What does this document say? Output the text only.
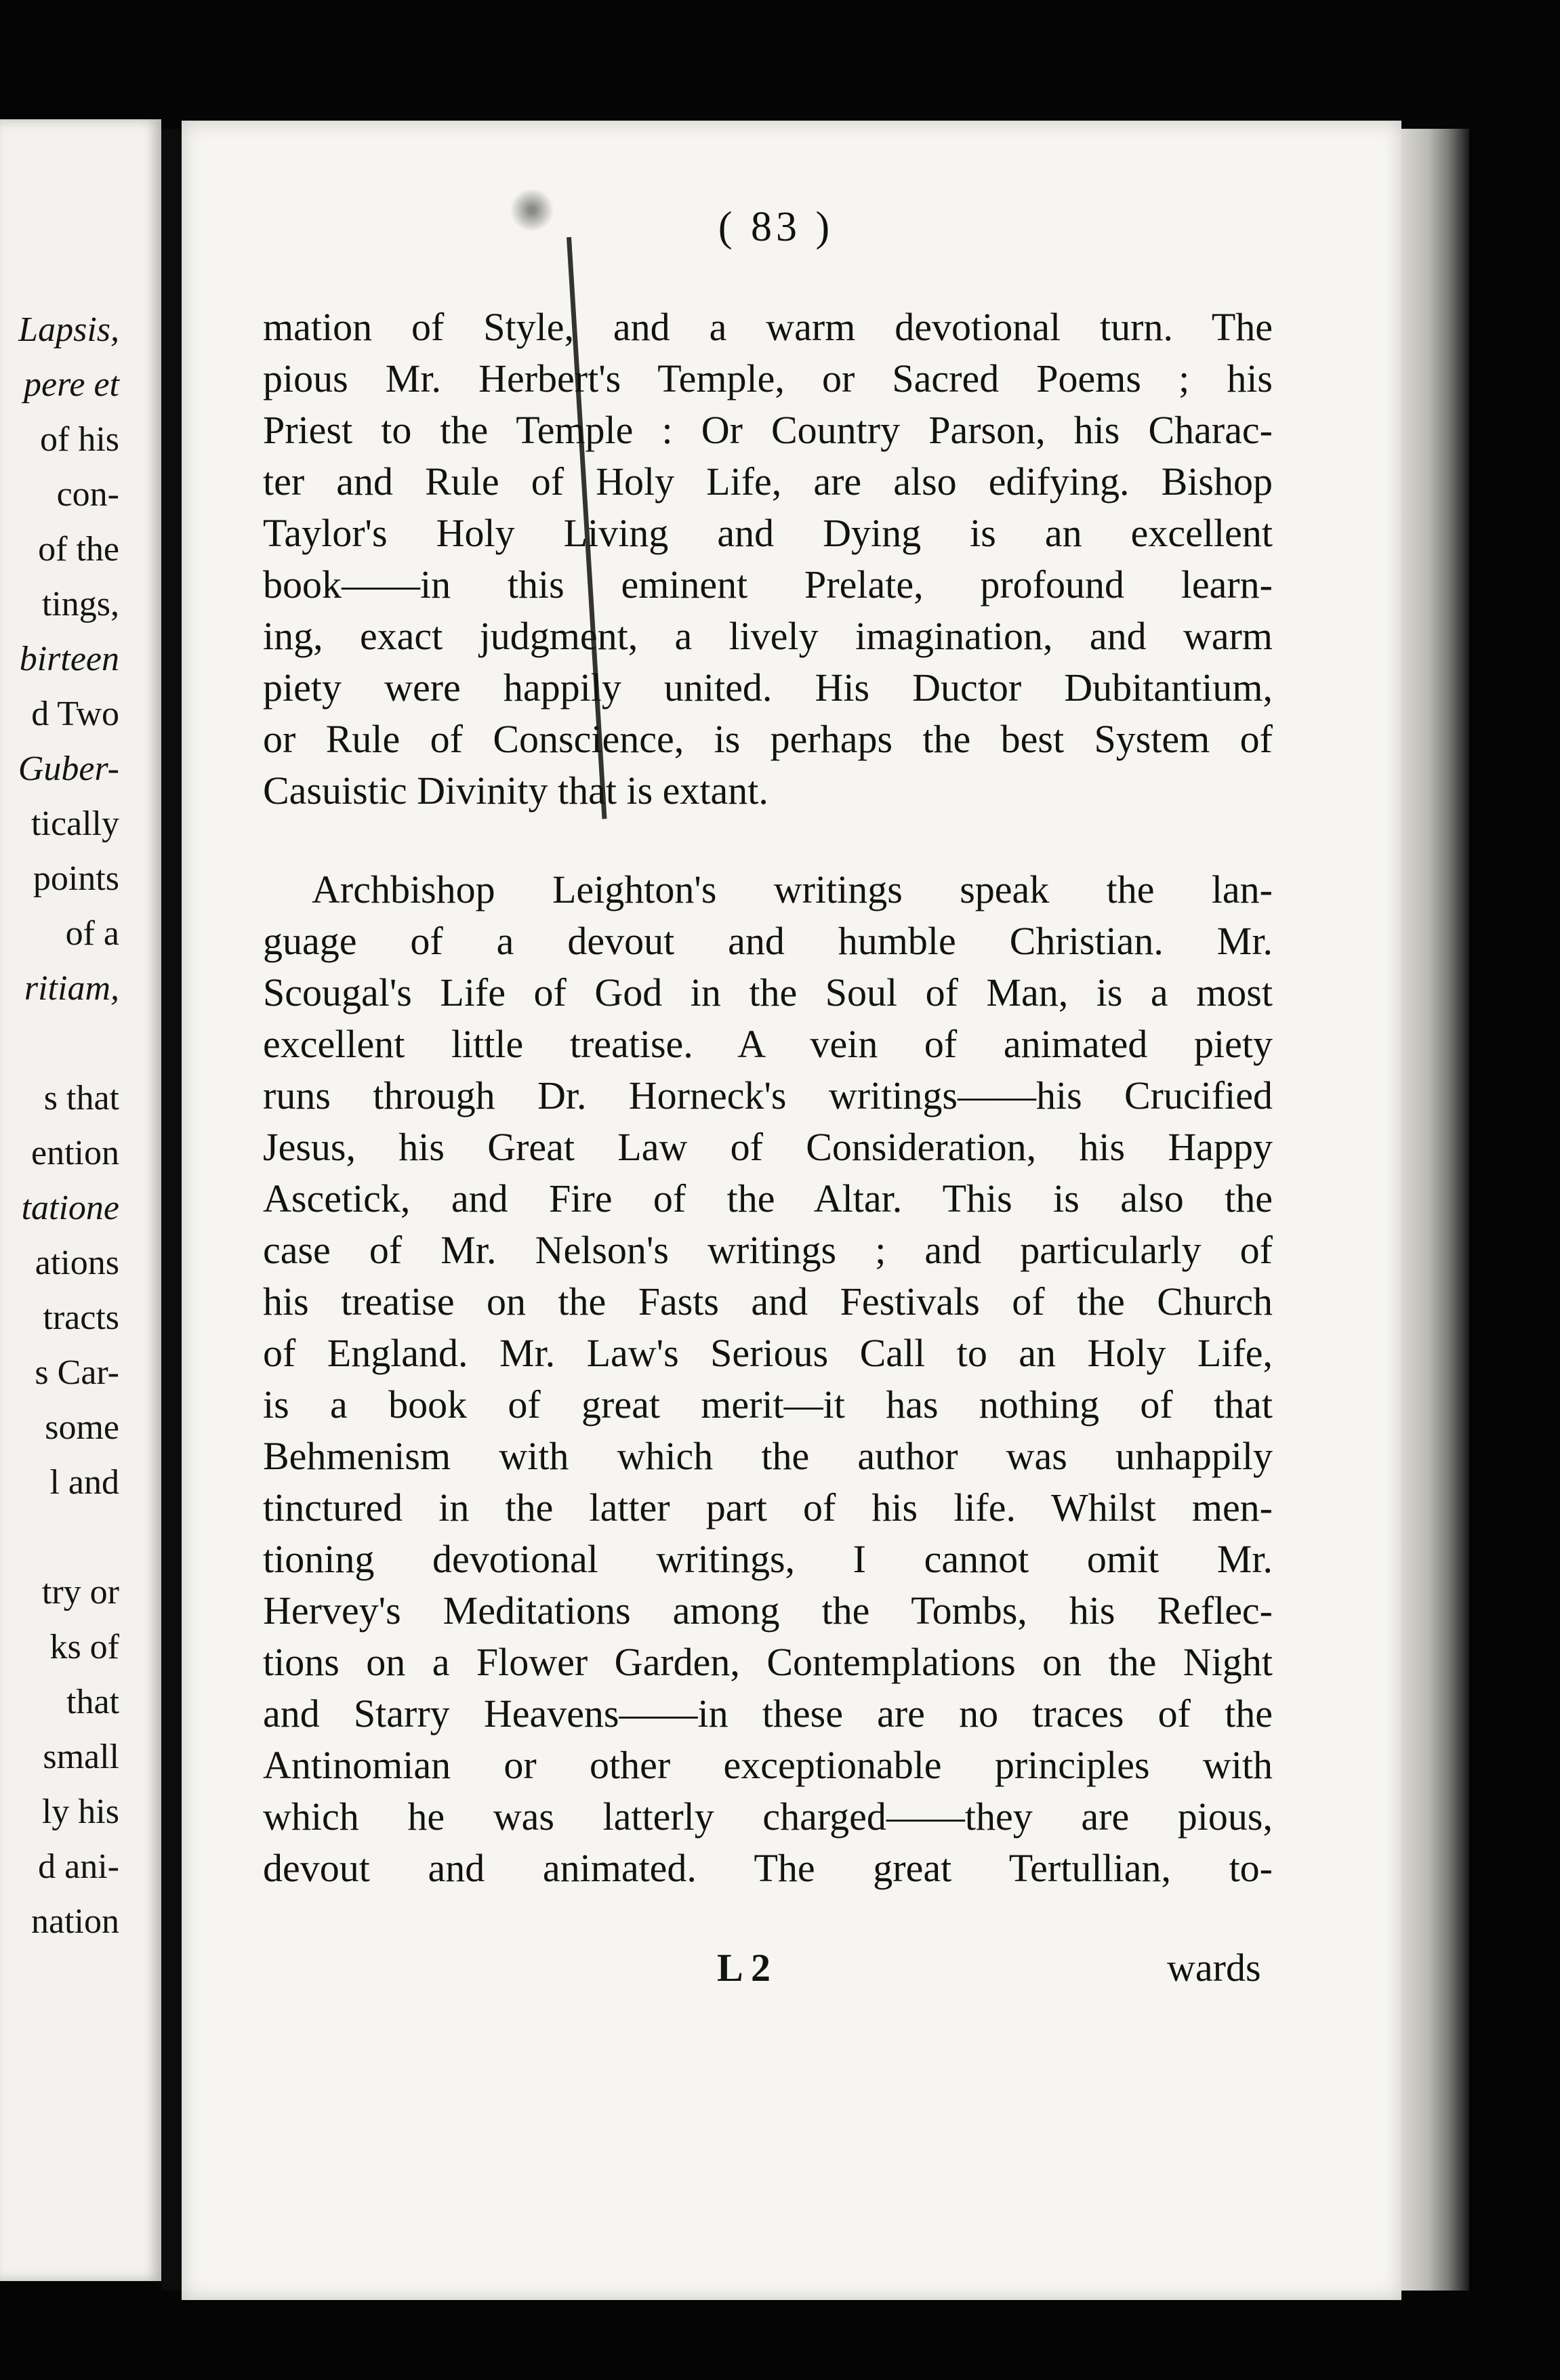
Lapsis,
pere et
of his
con-
of the
tings,
birteen
d Two
Guber-
tically
points
of a
ritiam,
s that
ention
tatione
ations
tracts
s Car-
some
l and
try or
ks of
that
small
ly his
d ani-
nation
( 83 )
mation of Style, and a warm devotional turn. The
pious Mr. Herbert's Temple, or Sacred Poems ; his
Priest to the Temple : Or Country Parson, his Charac-
ter and Rule of Holy Life, are also edifying. Bishop
Taylor's Holy Living and Dying is an excellent
book——in this eminent Prelate, profound learn-
ing, exact judgment, a lively imagination, and warm
piety were happily united. His Ductor Dubitantium,
or Rule of Conscience, is perhaps the best System of
Casuistic Divinity that is extant.
Archbishop Leighton's writings speak the lan-
guage of a devout and humble Christian. Mr.
Scougal's Life of God in the Soul of Man, is a most
excellent little treatise. A vein of animated piety
runs through Dr. Horneck's writings——his Crucified
Jesus, his Great Law of Consideration, his Happy
Ascetick, and Fire of the Altar. This is also the
case of Mr. Nelson's writings ; and particularly of
his treatise on the Fasts and Festivals of the Church
of England. Mr. Law's Serious Call to an Holy Life,
is a book of great merit—it has nothing of that
Behmenism with which the author was unhappily
tinctured in the latter part of his life. Whilst men-
tioning devotional writings, I cannot omit Mr.
Hervey's Meditations among the Tombs, his Reflec-
tions on a Flower Garden, Contemplations on the Night
and Starry Heavens——in these are no traces of the
Antinomian or other exceptionable principles with
which he was latterly charged——they are pious,
devout and animated. The great Tertullian, to-
L 2	wards
